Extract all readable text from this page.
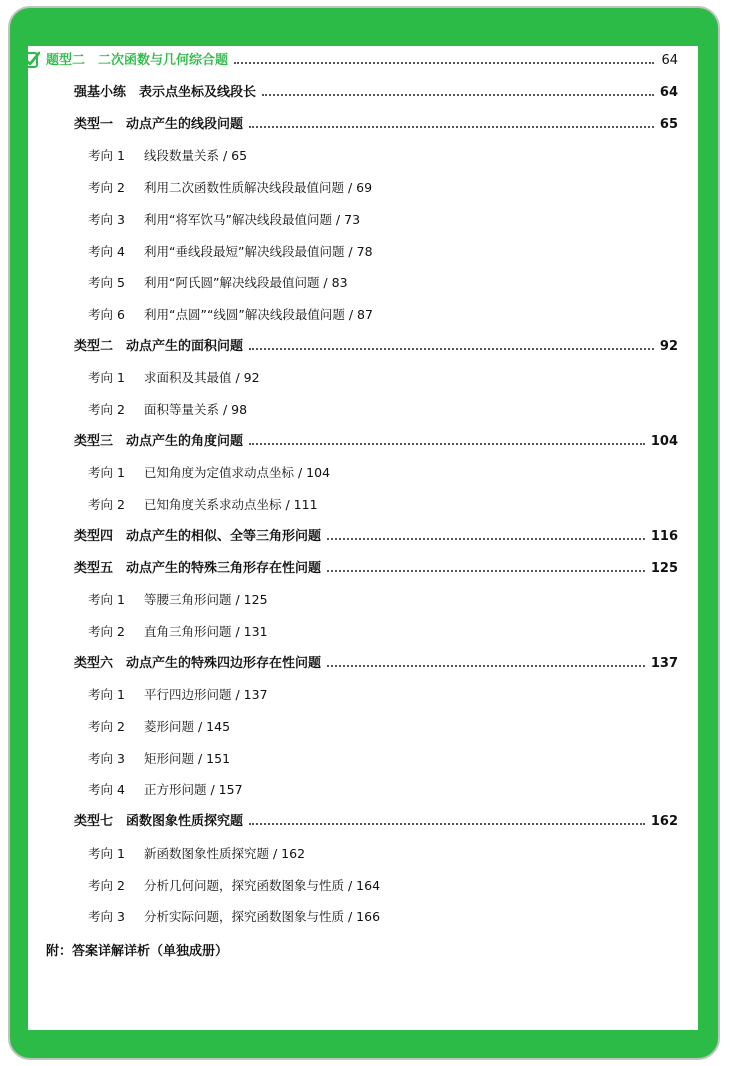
题型二　二次函数与几何综合题	64
强基小练　表示点坐标及线段长	64
类型一　动点产生的线段问题	65
考向 1	线段数量关系 / 65
考向 2	利用二次函数性质解决线段最值问题 / 69
考向 3	利用“将军饮马”解决线段最值问题 / 73
考向 4	利用“垂线段最短”解决线段最值问题 / 78
考向 5	利用“阿氏圆”解决线段最值问题 / 83
考向 6	利用“点圆”“线圆”解决线段最值问题 / 87
类型二　动点产生的面积问题	92
考向 1	求面积及其最值 / 92
考向 2	面积等量关系 / 98
类型三　动点产生的角度问题	104
考向 1	已知角度为定值求动点坐标 / 104
考向 2	已知角度关系求动点坐标 / 111
类型四　动点产生的相似、全等三角形问题	116
类型五　动点产生的特殊三角形存在性问题	125
考向 1	等腰三角形问题 / 125
考向 2	直角三角形问题 / 131
类型六　动点产生的特殊四边形存在性问题	137
考向 1	平行四边形问题 / 137
考向 2	菱形问题 / 145
考向 3	矩形问题 / 151
考向 4	正方形问题 / 157
类型七　函数图象性质探究题	162
考向 1	新函数图象性质探究题 / 162
考向 2	分析几何问题，探究函数图象与性质 / 164
考向 3	分析实际问题，探究函数图象与性质 / 166
附：答案详解详析（单独成册）
